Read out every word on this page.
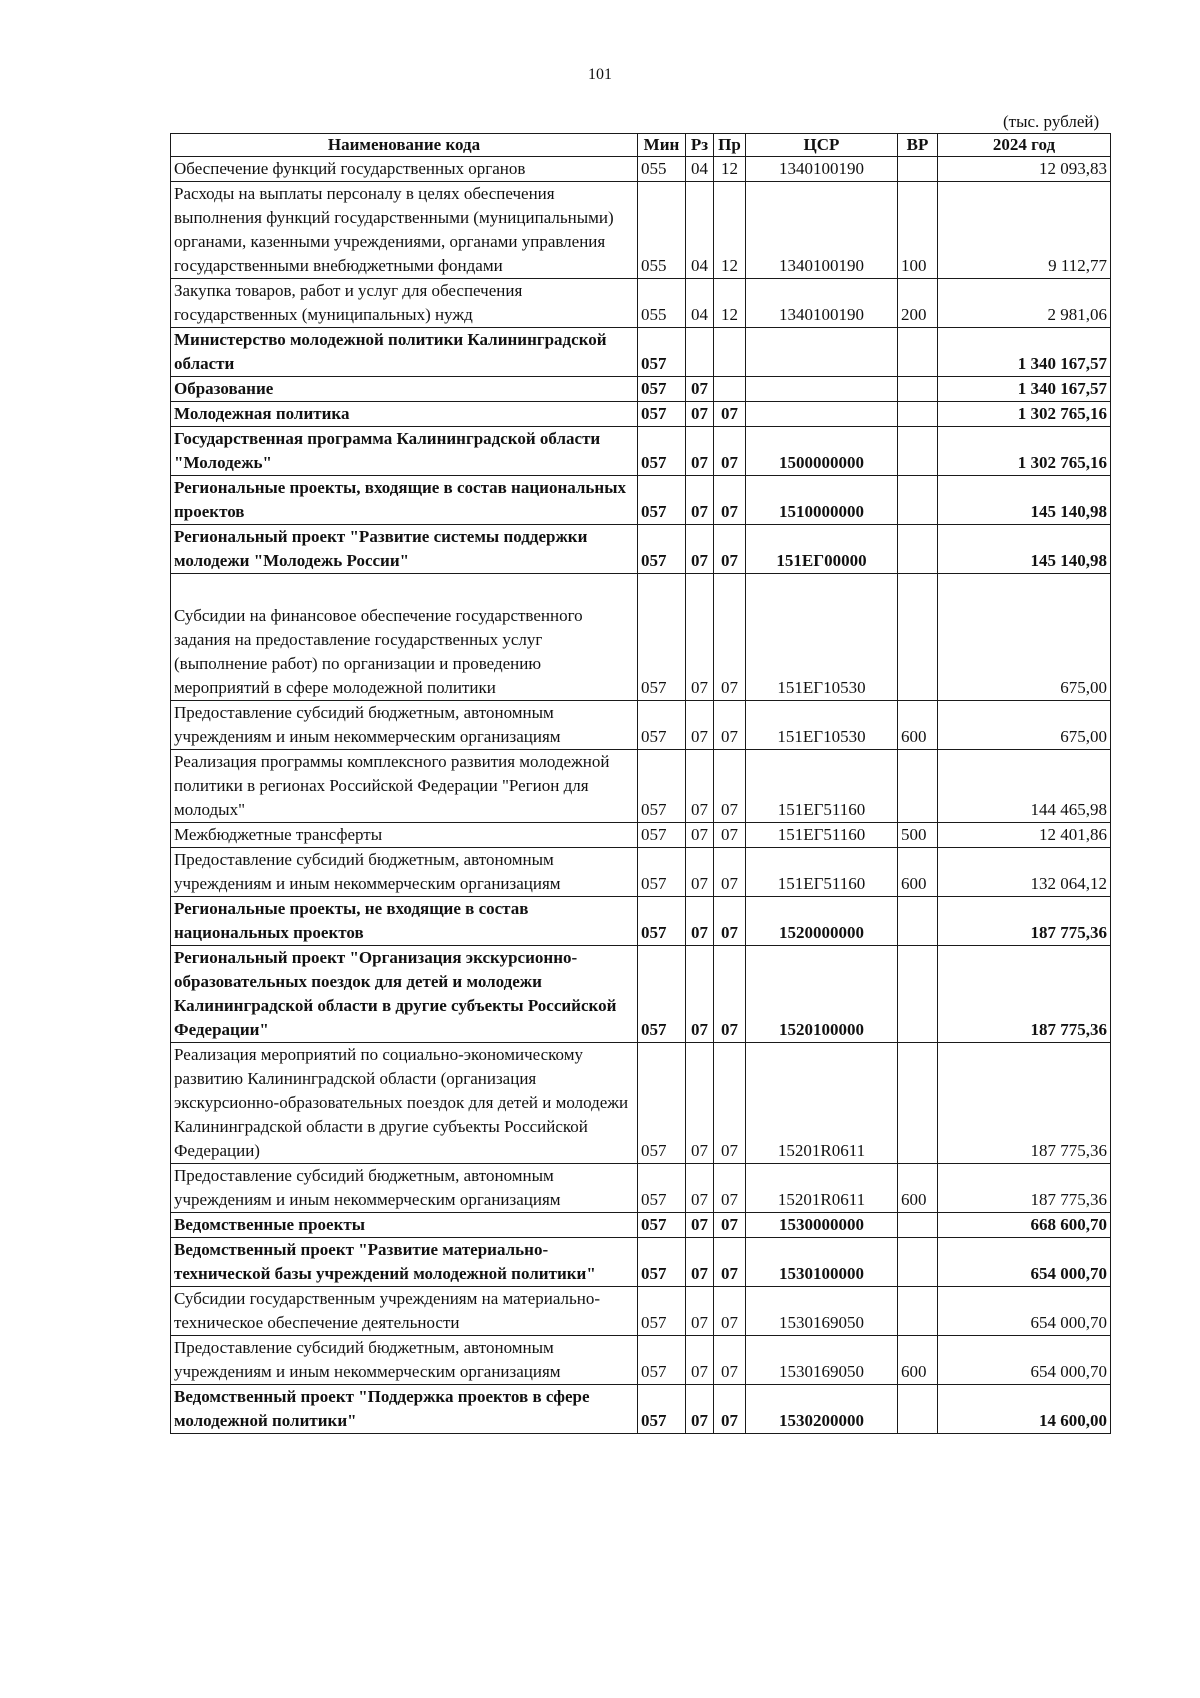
101
(тыс. рублей)
Наименование кода	Мин	Рз	Пр	ЦСР	ВР	2024 год
Обеспечение функций государственных органов	055	04	12	1340100190		12 093,83
Расходы на выплаты персоналу в целях обеспечения выполнения функций государственными (муниципальными) органами, казенными учреждениями, органами управления государственными внебюджетными фондами	055	04	12	1340100190	100	9 112,77
Закупка товаров, работ и услуг для обеспечения государственных (муниципальных) нужд	055	04	12	1340100190	200	2 981,06
Министерство молодежной политики Калининградской области	057					1 340 167,57
Образование	057	07				1 340 167,57
Молодежная политика	057	07	07			1 302 765,16
Государственная программа Калининградской области "Молодежь"	057	07	07	1500000000		1 302 765,16
Региональные проекты, входящие в состав национальных проектов	057	07	07	1510000000		145 140,98
Региональный проект "Развитие системы поддержки молодежи "Молодежь России"	057	07	07	151ЕГ00000		145 140,98
Субсидии на финансовое обеспечение государственного задания на предоставление государственных услуг (выполнение работ) по организации и проведению мероприятий в сфере молодежной политики	057	07	07	151ЕГ10530		675,00
Предоставление субсидий бюджетным, автономным учреждениям и иным некоммерческим организациям	057	07	07	151ЕГ10530	600	675,00
Реализация программы комплексного развития молодежной политики в регионах Российской Федерации "Регион для молодых"	057	07	07	151ЕГ51160		144 465,98
Межбюджетные трансферты	057	07	07	151ЕГ51160	500	12 401,86
Предоставление субсидий бюджетным, автономным учреждениям и иным некоммерческим организациям	057	07	07	151ЕГ51160	600	132 064,12
Региональные проекты, не входящие в состав национальных проектов	057	07	07	1520000000		187 775,36
Региональный проект "Организация экскурсионно-образовательных поездок для детей и молодежи Калининградской области в другие субъекты Российской Федерации"	057	07	07	1520100000		187 775,36
Реализация мероприятий по социально-экономическому развитию Калининградской области (организация экскурсионно-образовательных поездок для детей и молодежи Калининградской области в другие субъекты Российской Федерации)	057	07	07	15201R0611		187 775,36
Предоставление субсидий бюджетным, автономным учреждениям и иным некоммерческим организациям	057	07	07	15201R0611	600	187 775,36
Ведомственные проекты	057	07	07	1530000000		668 600,70
Ведомственный проект "Развитие материально-технической базы учреждений молодежной политики"	057	07	07	1530100000		654 000,70
Субсидии государственным учреждениям на материально-техническое обеспечение деятельности	057	07	07	1530169050		654 000,70
Предоставление субсидий бюджетным, автономным учреждениям и иным некоммерческим организациям	057	07	07	1530169050	600	654 000,70
Ведомственный проект "Поддержка проектов в сфере молодежной политики"	057	07	07	1530200000		14 600,00
